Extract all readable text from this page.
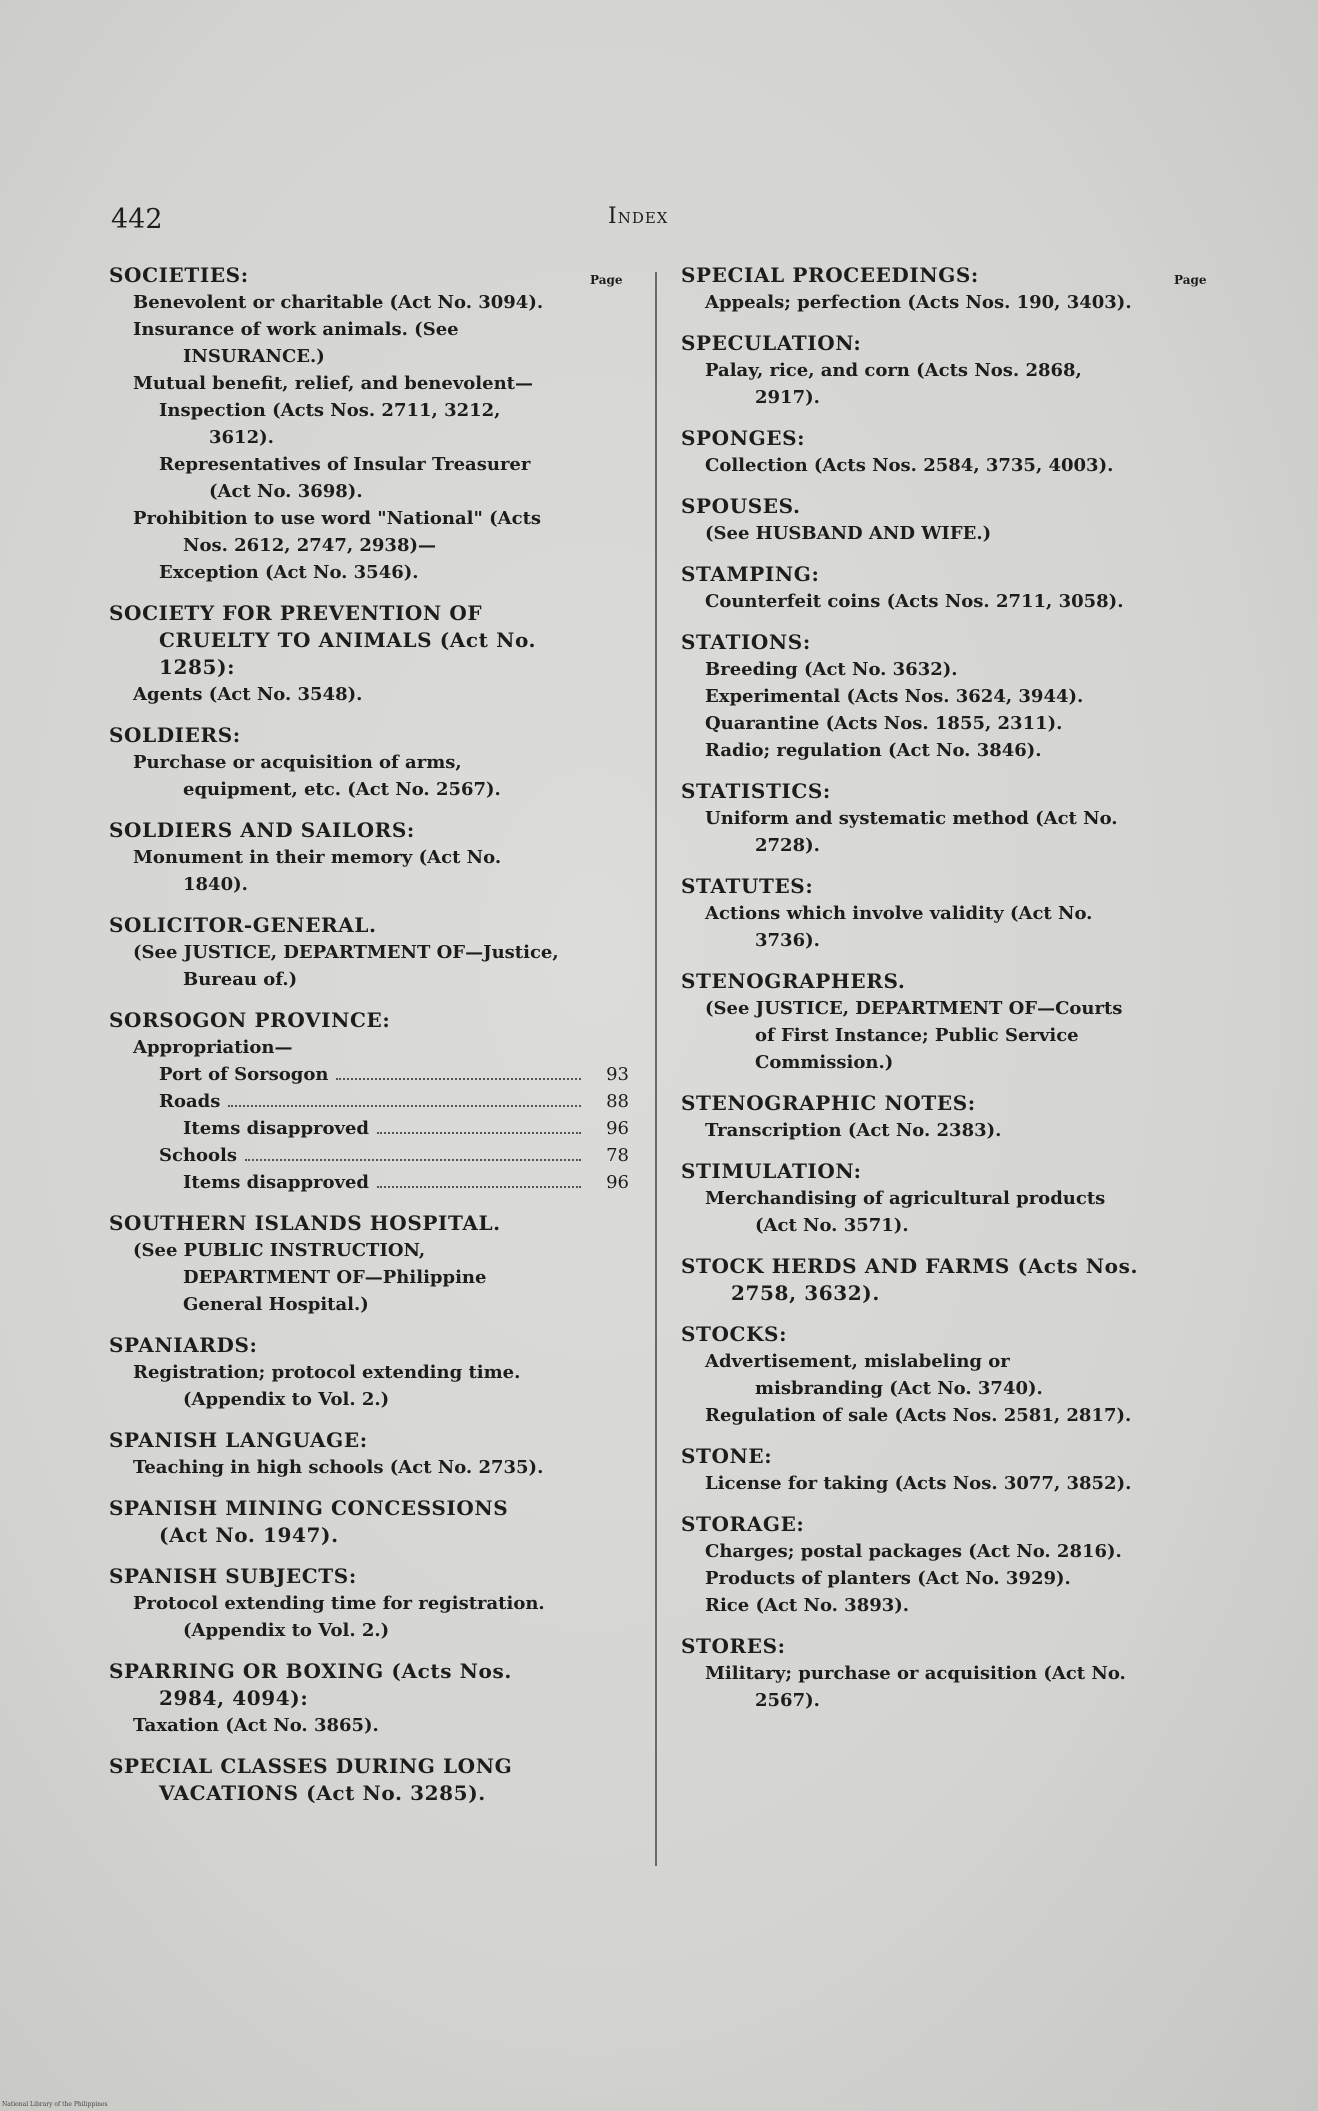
442	Index
Page	Page
SOCIETIES:
Benevolent or charitable (Act No. 3094).
Insurance of work animals. (See INSURANCE.)
Mutual benefit, relief, and benevolent—
Inspection (Acts Nos. 2711, 3212, 3612).
Representatives of Insular Treasurer (Act No. 3698).
Prohibition to use word "National" (Acts Nos. 2612, 2747, 2938)—
Exception (Act No. 3546).
SOCIETY FOR PREVENTION OF CRUELTY TO ANIMALS (Act No. 1285):
Agents (Act No. 3548).
SOLDIERS:
Purchase or acquisition of arms, equipment, etc. (Act No. 2567).
SOLDIERS AND SAILORS:
Monument in their memory (Act No. 1840).
SOLICITOR-GENERAL.
(See JUSTICE, DEPARTMENT OF—Justice, Bureau of.)
SORSOGON PROVINCE:
Appropriation—
Port of Sorsogon	93
Roads	88
Items disapproved	96
Schools	78
Items disapproved	96
SOUTHERN ISLANDS HOSPITAL.
(See PUBLIC INSTRUCTION, DEPARTMENT OF—Philippine General Hospital.)
SPANIARDS:
Registration; protocol extending time. (Appendix to Vol. 2.)
SPANISH LANGUAGE:
Teaching in high schools (Act No. 2735).
SPANISH MINING CONCESSIONS (Act No. 1947).
SPANISH SUBJECTS:
Protocol extending time for registration. (Appendix to Vol. 2.)
SPARRING OR BOXING (Acts Nos. 2984, 4094):
Taxation (Act No. 3865).
SPECIAL CLASSES DURING LONG VACATIONS (Act No. 3285).
SPECIAL PROCEEDINGS:
Appeals; perfection (Acts Nos. 190, 3403).
SPECULATION:
Palay, rice, and corn (Acts Nos. 2868, 2917).
SPONGES:
Collection (Acts Nos. 2584, 3735, 4003).
SPOUSES.
(See HUSBAND AND WIFE.)
STAMPING:
Counterfeit coins (Acts Nos. 2711, 3058).
STATIONS:
Breeding (Act No. 3632).
Experimental (Acts Nos. 3624, 3944).
Quarantine (Acts Nos. 1855, 2311).
Radio; regulation (Act No. 3846).
STATISTICS:
Uniform and systematic method (Act No. 2728).
STATUTES:
Actions which involve validity (Act No. 3736).
STENOGRAPHERS.
(See JUSTICE, DEPARTMENT OF—Courts of First Instance; Public Service Commission.)
STENOGRAPHIC NOTES:
Transcription (Act No. 2383).
STIMULATION:
Merchandising of agricultural products (Act No. 3571).
STOCK HERDS AND FARMS (Acts Nos. 2758, 3632).
STOCKS:
Advertisement, mislabeling or misbranding (Act No. 3740).
Regulation of sale (Acts Nos. 2581, 2817).
STONE:
License for taking (Acts Nos. 3077, 3852).
STORAGE:
Charges; postal packages (Act No. 2816).
Products of planters (Act No. 3929).
Rice (Act No. 3893).
STORES:
Military; purchase or acquisition (Act No. 2567).
National Library of the Philippines
